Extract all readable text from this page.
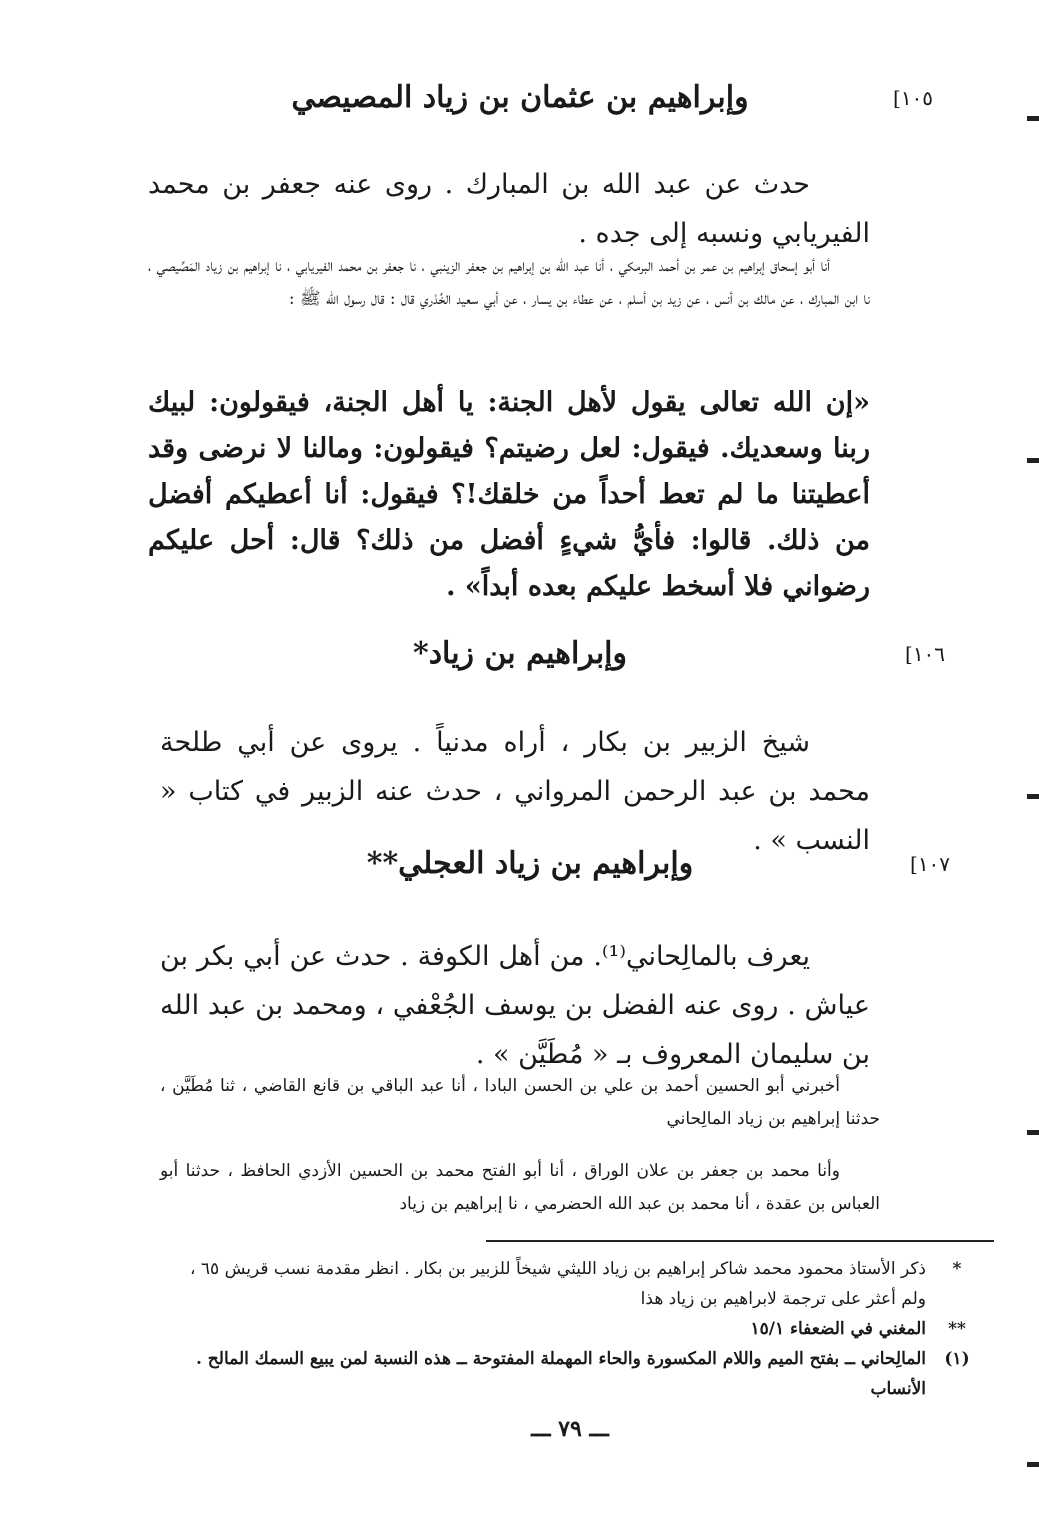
[١٠٥
وإبراهيم بن عثمان بن زياد المصيصي
حدث عن عبد الله بن المبارك . روى عنه جعفر بن محمد الفيريابي ونسبه إلى جده .
أنا أبو إسحاق إبراهيم بن عمر بن أحمد البرمكي ، أنا عبد الله بن إبراهيم بن جعفر الزينبي ، نا جعفر بن محمد الفيريابي ، نا إبراهيم بن زياد المَصِّيصي ، نا ابن المبارك ، عن مالك بن أنس ، عن زيد بن أسلم ، عن عطاء بن يسار ، عن أبي سعيد الخُدْري قال : قال رسول الله ﷺ :
«إن الله تعالى يقول لأهل الجنة: يا أهل الجنة، فيقولون: لبيك ربنا وسعديك. فيقول: لعل رضيتم؟ فيقولون: ومالنا لا نرضى وقد أعطيتنا ما لم تعط أحداً من خلقك!؟ فيقول: أنا أعطيكم أفضل من ذلك. قالوا: فأيُّ شيءٍ أفضل من ذلك؟ قال: أحل عليكم رضواني فلا أسخط عليكم بعده أبداً» .
[١٠٦
وإبراهيم بن زياد*
شيخ الزبير بن بكار ، أراه مدنياً . يروى عن أبي طلحة محمد بن عبد الرحمن المرواني ، حدث عنه الزبير في كتاب « النسب » .
[١٠٧
وإبراهيم بن زياد العجلي**
يعرف بالمالِحاني⁽¹⁾. من أهل الكوفة . حدث عن أبي بكر بن عياش . روى عنه الفضل بن يوسف الجُعْفي ، ومحمد بن عبد الله بن سليمان المعروف بـ « مُطَيَّن » .
أخبرني أبو الحسين أحمد بن علي بن الحسن البادا ، أنا عبد الباقي بن قانع القاضي ، ثنا مُطَيَّن ، حدثنا إبراهيم بن زياد المالِحاني
وأنا محمد بن جعفر بن علان الوراق ، أنا أبو الفتح محمد بن الحسين الأزدي الحافظ ، حدثنا أبو العباس بن عقدة ، أنا محمد بن عبد الله الحضرمي ، نا إبراهيم بن زياد
*
ذكر الأستاذ محمود محمد شاكر إبراهيم بن زياد الليثي شيخاً للزبير بن بكار . انظر مقدمة نسب قريش ٦٥ ، ولم أعثر على ترجمة لابراهيم بن زياد هذا
**
المغني في الضعفاء ١٥/١
(١)
المالِحاني ــ بفتح الميم واللام المكسورة والحاء المهملة المفتوحة ــ هذه النسبة لمن يبيع السمك المالح . الأنساب
ـــ ٧٩ ـــ
